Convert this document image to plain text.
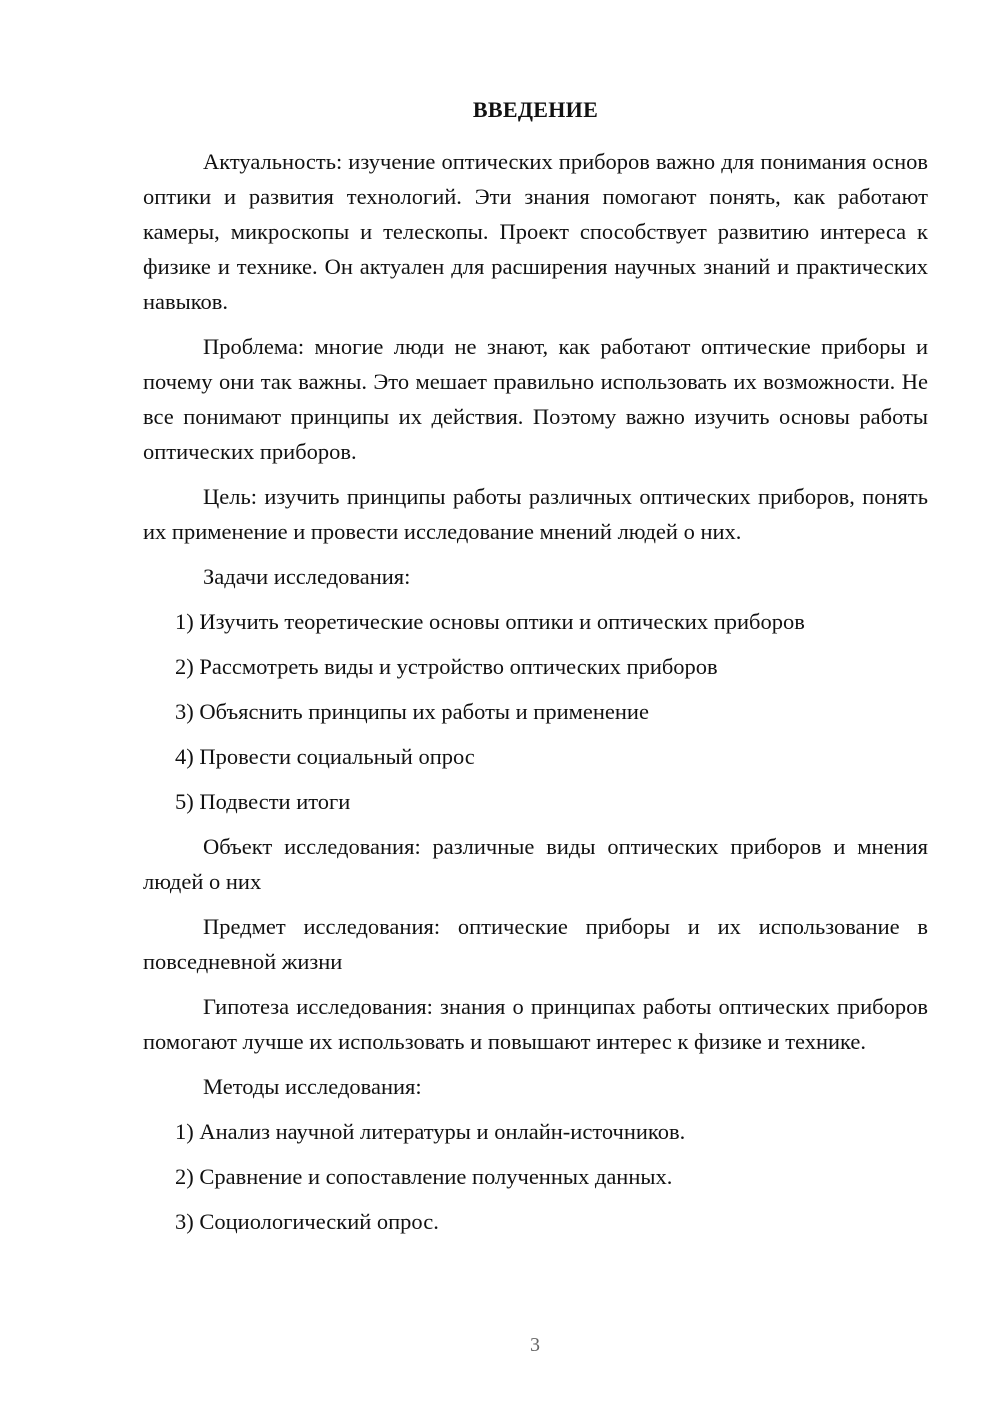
ВВЕДЕНИЕ

Актуальность: изучение оптических приборов важно для понимания основ оптики и развития технологий. Эти знания помогают понять, как работают камеры, микроскопы и телескопы. Проект способствует развитию интереса к физике и технике. Он актуален для расширения научных знаний и практических навыков.

Проблема: многие люди не знают, как работают оптические приборы и почему они так важны. Это мешает правильно использовать их возможности. Не все понимают принципы их действия. Поэтому важно изучить основы работы оптических приборов.

Цель: изучить принципы работы различных оптических приборов, понять их применение и провести исследование мнений людей о них.

Задачи исследования:

1) Изучить теоретические основы оптики и оптических приборов
2) Рассмотреть виды и устройство оптических приборов
3) Объяснить принципы их работы и применение
4) Провести социальный опрос
5) Подвести итоги

Объект исследования: различные виды оптических приборов и мнения людей о них

Предмет исследования: оптические приборы и их использование в повседневной жизни

Гипотеза исследования: знания о принципах работы оптических приборов помогают лучше их использовать и повышают интерес к физике и технике.

Методы исследования:

1) Анализ научной литературы и онлайн-источников.
2) Сравнение и сопоставление полученных данных.
3) Социологический опрос.
3
